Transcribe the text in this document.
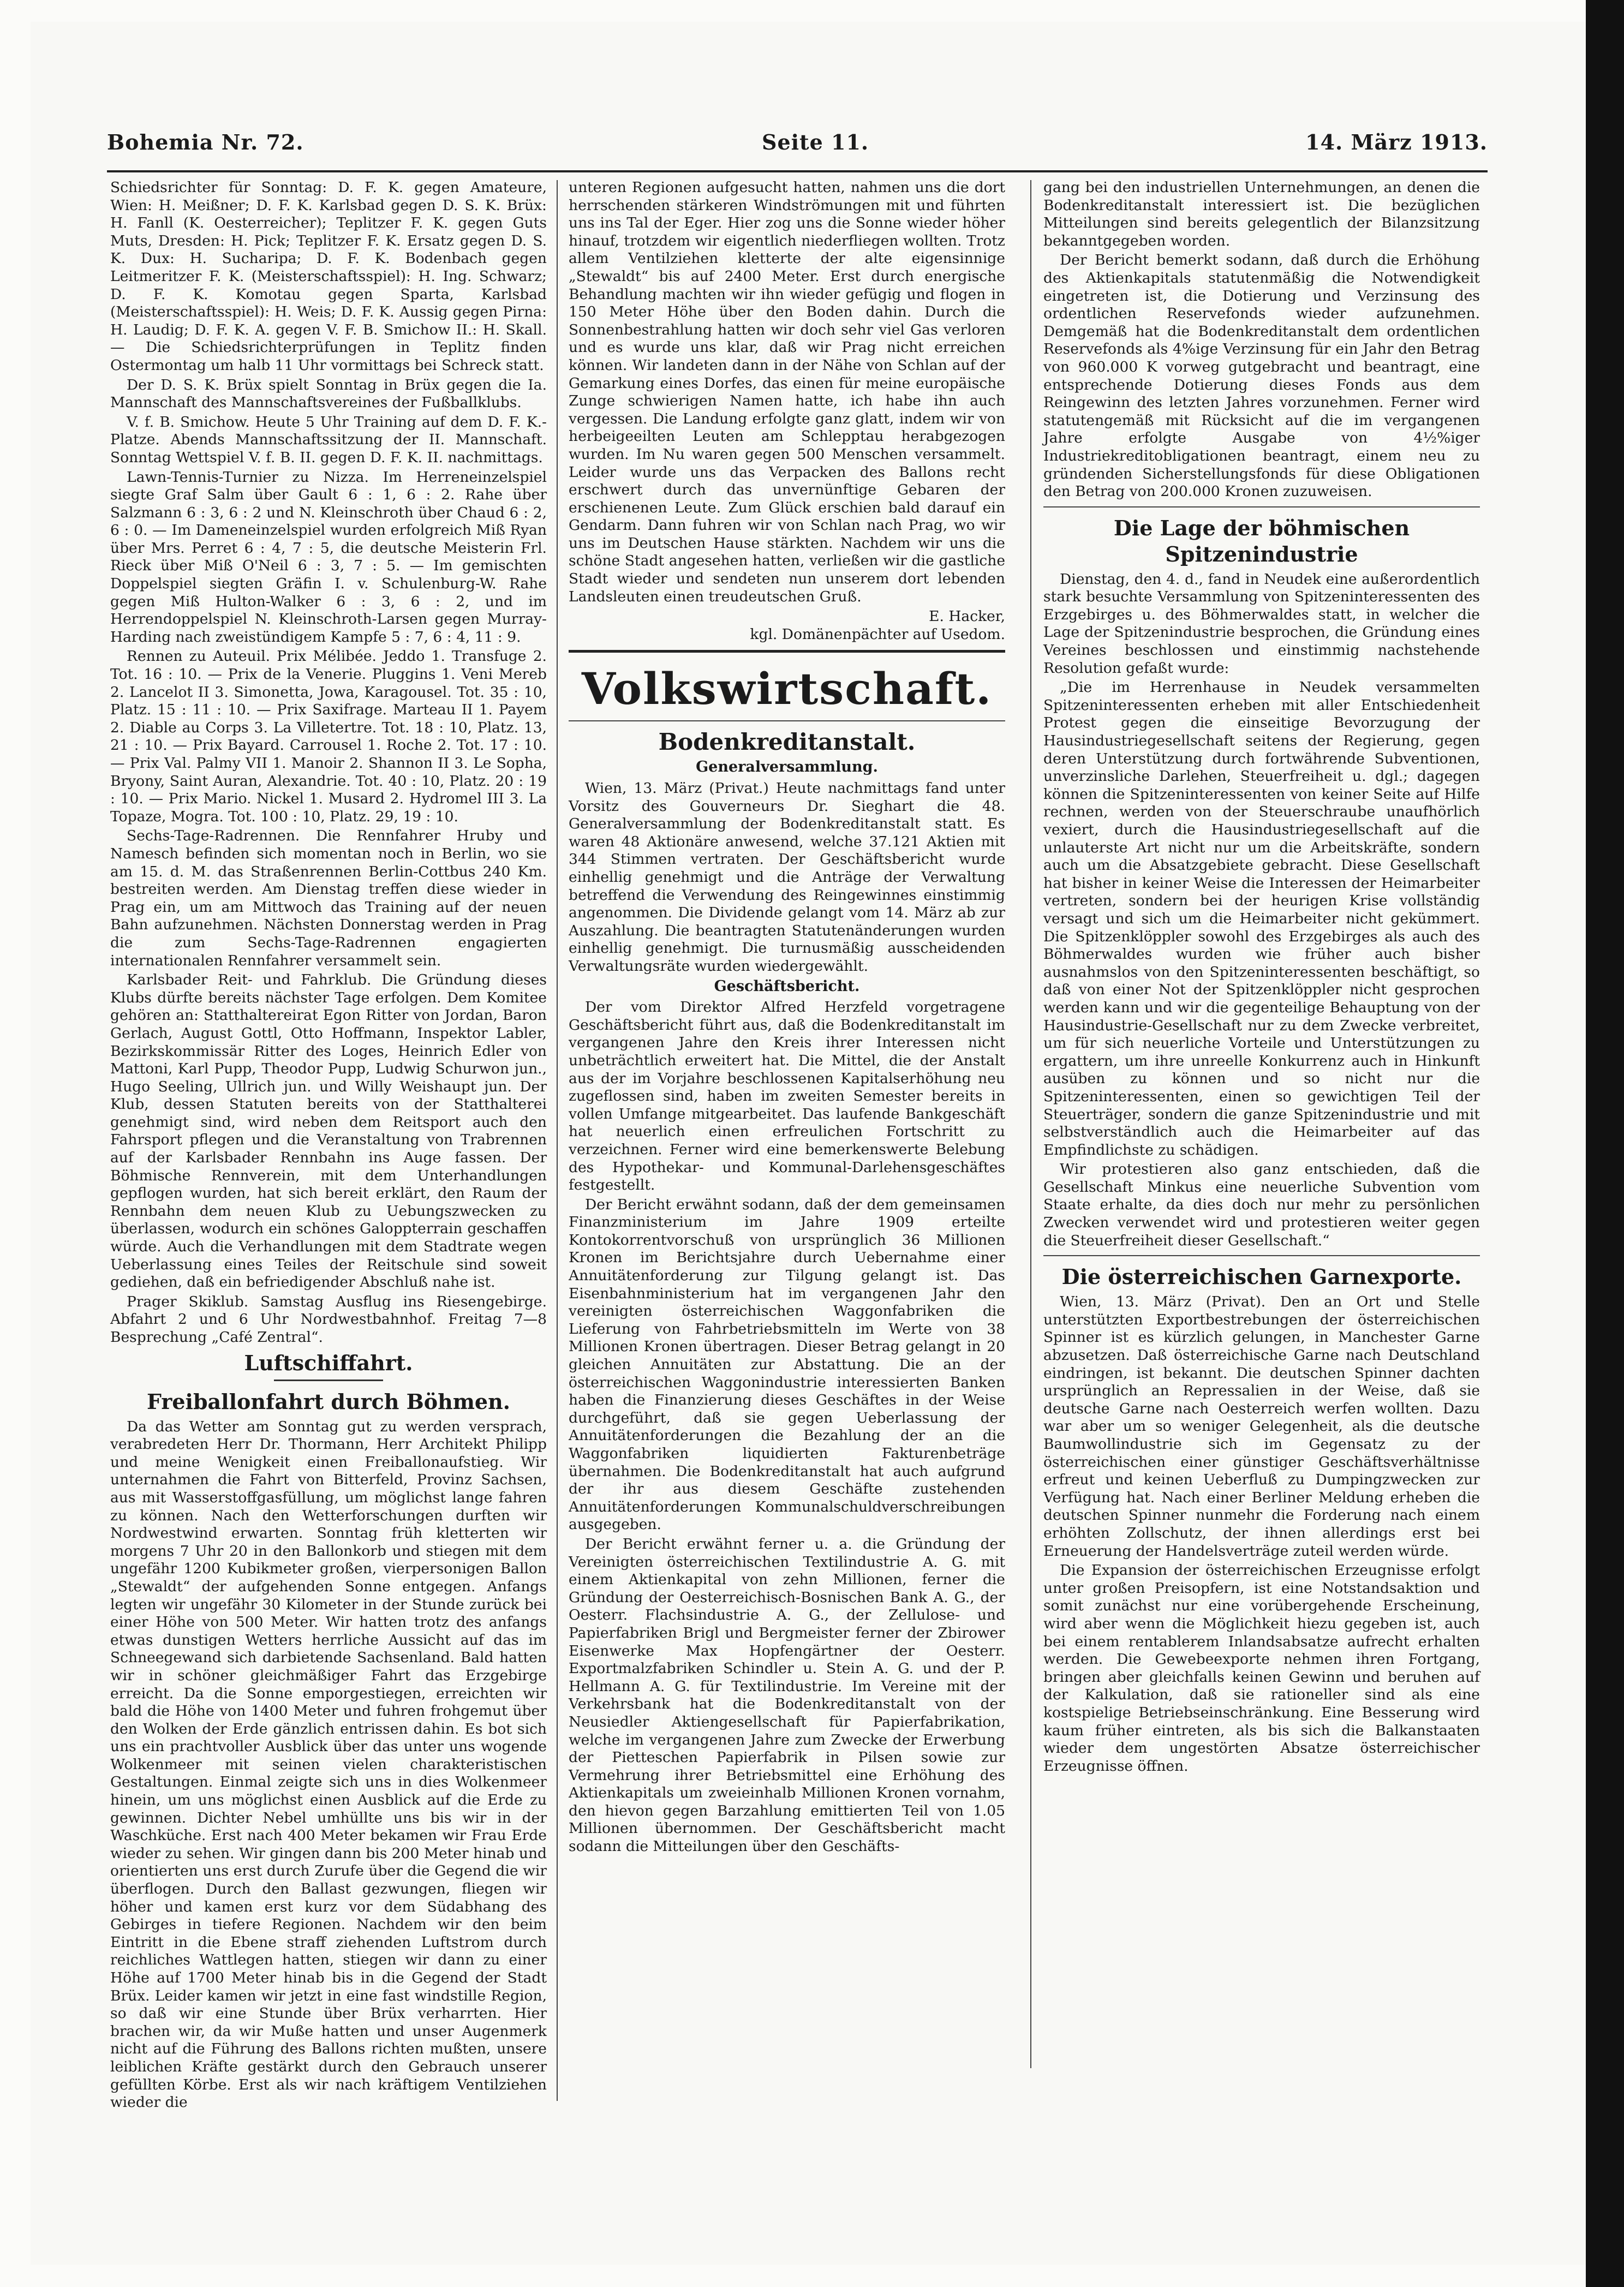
Bohemia Nr. 72.	Seite 11.	14. März 1913.

Schiedsrichter für Sonntag: D. F. K. gegen Amateure, Wien: H. Meißner; D. F. K. Karlsbad gegen D. S. K. Brüx: H. Fanll (K. Oesterreicher); Teplitzer F. K. gegen Guts Muts, Dresden: H. Pick; Teplitzer F. K. Ersatz gegen D. S. K. Dux: H. Sucharipa; D. F. K. Bodenbach gegen Leitmeritzer F. K. (Meisterschaftsspiel): H. Ing. Schwarz; D. F. K. Komotau gegen Sparta, Karlsbad (Meisterschaftsspiel): H. Weis; D. F. K. Aussig gegen Pirna: H. Laudig; D. F. K. A. gegen V. F. B. Smichow II.: H. Skall. — Die Schiedsrichterprüfungen in Teplitz finden Ostermontag um halb 11 Uhr vormittags bei Schreck statt.

Der D. S. K. Brüx spielt Sonntag in Brüx gegen die Ia. Mannschaft des Mannschaftsvereines der Fußballklubs.

V. f. B. Smichow. Heute 5 Uhr Training auf dem D. F. K.-Platze. Abends Mannschaftssitzung der II. Mannschaft. Sonntag Wettspiel V. f. B. II. gegen D. F. K. II. nachmittags.

Lawn-Tennis-Turnier zu Nizza. Im Herreneinzelspiel siegte Graf Salm über Gault 6 : 1, 6 : 2. Rahe über Salzmann 6 : 3, 6 : 2 und N. Kleinschroth über Chaud 6 : 2, 6 : 0. — Im Dameneinzelspiel wurden erfolgreich Miß Ryan über Mrs. Perret 6 : 4, 7 : 5, die deutsche Meisterin Frl. Rieck über Miß O'Neil 6 : 3, 7 : 5. — Im gemischten Doppelspiel siegten Gräfin I. v. Schulenburg-W. Rahe gegen Miß Hulton-Walker 6 : 3, 6 : 2, und im Herrendoppelspiel N. Kleinschroth-Larsen gegen Murray-Harding nach zweistündigem Kampfe 5 : 7, 6 : 4, 11 : 9.

Rennen zu Auteuil. Prix Mélibée. Jeddo 1. Transfuge 2. Tot. 16 : 10. — Prix de la Venerie. Pluggins 1. Veni Mereb 2. Lancelot II 3. Simonetta, Jowa, Karagousel. Tot. 35 : 10, Platz. 15 : 11 : 10. — Prix Saxifrage. Marteau II 1. Payem 2. Diable au Corps 3. La Villetertre. Tot. 18 : 10, Platz. 13, 21 : 10. — Prix Bayard. Carrousel 1. Roche 2. Tot. 17 : 10. — Prix Val. Palmy VII 1. Manoir 2. Shannon II 3. Le Sopha, Bryony, Saint Auran, Alexandrie. Tot. 40 : 10, Platz. 20 : 19 : 10. — Prix Mario. Nickel 1. Musard 2. Hydromel III 3. La Topaze, Mogra. Tot. 100 : 10, Platz. 29, 19 : 10.

Sechs-Tage-Radrennen. Die Rennfahrer Hruby und Namesch befinden sich momentan noch in Berlin, wo sie am 15. d. M. das Straßenrennen Berlin-Cottbus 240 Km. bestreiten werden. Am Dienstag treffen diese wieder in Prag ein, um am Mittwoch das Training auf der neuen Bahn aufzunehmen. Nächsten Donnerstag werden in Prag die zum Sechs-Tage-Radrennen engagierten internationalen Rennfahrer versammelt sein.

Karlsbader Reit- und Fahrklub. Die Gründung dieses Klubs dürfte bereits nächster Tage erfolgen. Dem Komitee gehören an: Statthaltereirat Egon Ritter von Jordan, Baron Gerlach, August Gottl, Otto Hoffmann, Inspektor Labler, Bezirkskommissär Ritter des Loges, Heinrich Edler von Mattoni, Karl Pupp, Theodor Pupp, Ludwig Schurwon jun., Hugo Seeling, Ullrich jun. und Willy Weishaupt jun. Der Klub, dessen Statuten bereits von der Statthalterei genehmigt sind, wird neben dem Reitsport auch den Fahrsport pflegen und die Veranstaltung von Trabrennen auf der Karlsbader Rennbahn ins Auge fassen. Der Böhmische Rennverein, mit dem Unterhandlungen gepflogen wurden, hat sich bereit erklärt, den Raum der Rennbahn dem neuen Klub zu Uebungszwecken zu überlassen, wodurch ein schönes Galoppterrain geschaffen würde. Auch die Verhandlungen mit dem Stadtrate wegen Ueberlassung eines Teiles der Reitschule sind soweit gediehen, daß ein befriedigender Abschluß nahe ist.

Prager Skiklub. Samstag Ausflug ins Riesengebirge. Abfahrt 2 und 6 Uhr Nordwestbahnhof. Freitag 7—8 Besprechung „Café Zentral“.

Luftschiffahrt.
Freiballonfahrt durch Böhmen.

Da das Wetter am Sonntag gut zu werden versprach, verabredeten Herr Dr. Thormann, Herr Architekt Philipp und meine Wenigkeit einen Freiballonaufstieg. Wir unternahmen die Fahrt von Bitterfeld, Provinz Sachsen, aus mit Wasserstoffgasfüllung, um möglichst lange fahren zu können. Nach den Wetterforschungen durften wir Nordwestwind erwarten. Sonntag früh kletterten wir morgens 7 Uhr 20 in den Ballonkorb und stiegen mit dem ungefähr 1200 Kubikmeter großen, vierpersonigen Ballon „Stewaldt“ der aufgehenden Sonne entgegen. Anfangs legten wir ungefähr 30 Kilometer in der Stunde zurück bei einer Höhe von 500 Meter. Wir hatten trotz des anfangs etwas dunstigen Wetters herrliche Aussicht auf das im Schneegewand sich darbietende Sachsenland. Bald hatten wir in schöner gleichmäßiger Fahrt das Erzgebirge erreicht. Da die Sonne emporgestiegen, erreichten wir bald die Höhe von 1400 Meter und fuhren frohgemut über den Wolken der Erde gänzlich entrissen dahin. Es bot sich uns ein prachtvoller Ausblick über das unter uns wogende Wolkenmeer mit seinen vielen charakteristischen Gestaltungen. Einmal zeigte sich uns in dies Wolkenmeer hinein, um uns möglichst einen Ausblick auf die Erde zu gewinnen. Dichter Nebel umhüllte uns bis wir in der Waschküche. Erst nach 400 Meter bekamen wir Frau Erde wieder zu sehen. Wir gingen dann bis 200 Meter hinab und orientierten uns erst durch Zurufe über die Gegend die wir überflogen. Durch den Ballast gezwungen, fliegen wir höher und kamen erst kurz vor dem Südabhang des Gebirges in tiefere Regionen. Nachdem wir den beim Eintritt in die Ebene straff ziehenden Luftstrom durch reichliches Wattlegen hatten, stiegen wir dann zu einer Höhe auf 1700 Meter hinab bis in die Gegend der Stadt Brüx. Leider kamen wir jetzt in eine fast windstille Region, so daß wir eine Stunde über Brüx verharrten. Hier brachen wir, da wir Muße hatten und unser Augenmerk nicht auf die Führung des Ballons richten mußten, unsere leiblichen Kräfte gestärkt durch den Gebrauch unserer gefüllten Körbe. Erst als wir nach kräftigem Ventilziehen wieder die

unteren Regionen aufgesucht hatten, nahmen uns die dort herrschenden stärkeren Windströmungen mit und führten uns ins Tal der Eger. Hier zog uns die Sonne wieder höher hinauf, trotzdem wir eigentlich niederfliegen wollten. Trotz allem Ventilziehen kletterte der alte eigensinnige „Stewaldt“ bis auf 2400 Meter. Erst durch energische Behandlung machten wir ihn wieder gefügig und flogen in 150 Meter Höhe über den Boden dahin. Durch die Sonnenbestrahlung hatten wir doch sehr viel Gas verloren und es wurde uns klar, daß wir Prag nicht erreichen können. Wir landeten dann in der Nähe von Schlan auf der Gemarkung eines Dorfes, das einen für meine europäische Zunge schwierigen Namen hatte, ich habe ihn auch vergessen. Die Landung erfolgte ganz glatt, indem wir von herbeigeeilten Leuten am Schlepptau herabgezogen wurden. Im Nu waren gegen 500 Menschen versammelt. Leider wurde uns das Verpacken des Ballons recht erschwert durch das unvernünftige Gebaren der erschienenen Leute. Zum Glück erschien bald darauf ein Gendarm. Dann fuhren wir von Schlan nach Prag, wo wir uns im Deutschen Hause stärkten. Nachdem wir uns die schöne Stadt angesehen hatten, verließen wir die gastliche Stadt wieder und sendeten nun unserem dort lebenden Landsleuten einen treudeutschen Gruß.

E. Hacker,
kgl. Domänenpächter auf Usedom.
Volkswirtschaft.
Bodenkreditanstalt.
Generalversammlung.

Wien, 13. März (Privat.) Heute nachmittags fand unter Vorsitz des Gouverneurs Dr. Sieghart die 48. Generalversammlung der Bodenkreditanstalt statt. Es waren 48 Aktionäre anwesend, welche 37.121 Aktien mit 344 Stimmen vertraten. Der Geschäftsbericht wurde einhellig genehmigt und die Anträge der Verwaltung betreffend die Verwendung des Reingewinnes einstimmig angenommen. Die Dividende gelangt vom 14. März ab zur Auszahlung. Die beantragten Statutenänderungen wurden einhellig genehmigt. Die turnusmäßig ausscheidenden Verwaltungsräte wurden wiedergewählt.

Geschäftsbericht.

Der vom Direktor Alfred Herzfeld vorgetragene Geschäftsbericht führt aus, daß die Bodenkreditanstalt im vergangenen Jahre den Kreis ihrer Interessen nicht unbeträchtlich erweitert hat. Die Mittel, die der Anstalt aus der im Vorjahre beschlossenen Kapitalserhöhung neu zugeflossen sind, haben im zweiten Semester bereits in vollen Umfange mitgearbeitet. Das laufende Bankgeschäft hat neuerlich einen erfreulichen Fortschritt zu verzeichnen. Ferner wird eine bemerkenswerte Belebung des Hypothekar- und Kommunal-Darlehensgeschäftes festgestellt.

Der Bericht erwähnt sodann, daß der dem gemeinsamen Finanzministerium im Jahre 1909 erteilte Kontokorrentvorschuß von ursprünglich 36 Millionen Kronen im Berichtsjahre durch Uebernahme einer Annuitätenforderung zur Tilgung gelangt ist. Das Eisenbahnministerium hat im vergangenen Jahr den vereinigten österreichischen Waggonfabriken die Lieferung von Fahrbetriebsmitteln im Werte von 38 Millionen Kronen übertragen. Dieser Betrag gelangt in 20 gleichen Annuitäten zur Abstattung. Die an der österreichischen Waggonindustrie interessierten Banken haben die Finanzierung dieses Geschäftes in der Weise durchgeführt, daß sie gegen Ueberlassung der Annuitätenforderungen die Bezahlung der an die Waggonfabriken liquidierten Fakturenbeträge übernahmen. Die Bodenkreditanstalt hat auch aufgrund der ihr aus diesem Geschäfte zustehenden Annuitätenforderungen Kommunalschuldverschreibungen ausgegeben.

Der Bericht erwähnt ferner u. a. die Gründung der Vereinigten österreichischen Textilindustrie A. G. mit einem Aktienkapital von zehn Millionen, ferner die Gründung der Oesterreichisch-Bosnischen Bank A. G., der Oesterr. Flachsindustrie A. G., der Zellulose- und Papierfabriken Brigl und Bergmeister ferner der Zbirower Eisenwerke Max Hopfengärtner der Oesterr. Exportmalzfabriken Schindler u. Stein A. G. und der P. Hellmann A. G. für Textilindustrie. Im Vereine mit der Verkehrsbank hat die Bodenkreditanstalt von der Neusiedler Aktiengesellschaft für Papierfabrikation, welche im vergangenen Jahre zum Zwecke der Erwerbung der Pietteschen Papierfabrik in Pilsen sowie zur Vermehrung ihrer Betriebsmittel eine Erhöhung des Aktienkapitals um zweieinhalb Millionen Kronen vornahm, den hievon gegen Barzahlung emittierten Teil von 1.05 Millionen übernommen. Der Geschäftsbericht macht sodann die Mitteilungen über den Geschäfts-

gang bei den industriellen Unternehmungen, an denen die Bodenkreditanstalt interessiert ist. Die bezüglichen Mitteilungen sind bereits gelegentlich der Bilanzsitzung bekanntgegeben worden.

Der Bericht bemerkt sodann, daß durch die Erhöhung des Aktienkapitals statutenmäßig die Notwendigkeit eingetreten ist, die Dotierung und Verzinsung des ordentlichen Reservefonds wieder aufzunehmen. Demgemäß hat die Bodenkreditanstalt dem ordentlichen Reservefonds als 4%ige Verzinsung für ein Jahr den Betrag von 960.000 K vorweg gutgebracht und beantragt, eine entsprechende Dotierung dieses Fonds aus dem Reingewinn des letzten Jahres vorzunehmen. Ferner wird statutengemäß mit Rücksicht auf die im vergangenen Jahre erfolgte Ausgabe von 4½%iger Industriekreditobligationen beantragt, einem neu zu gründenden Sicherstellungsfonds für diese Obligationen den Betrag von 200.000 Kronen zuzuweisen.

Die Lage der böhmischen Spitzenindustrie

Dienstag, den 4. d., fand in Neudek eine außerordentlich stark besuchte Versammlung von Spitzeninteressenten des Erzgebirges u. des Böhmerwaldes statt, in welcher die Lage der Spitzenindustrie besprochen, die Gründung eines Vereines beschlossen und einstimmig nachstehende Resolution gefaßt wurde:

„Die im Herrenhause in Neudek versammelten Spitzeninteressenten erheben mit aller Entschiedenheit Protest gegen die einseitige Bevorzugung der Hausindustriegesellschaft seitens der Regierung, gegen deren Unterstützung durch fortwährende Subventionen, unverzinsliche Darlehen, Steuerfreiheit u. dgl.; dagegen können die Spitzeninteressenten von keiner Seite auf Hilfe rechnen, werden von der Steuerschraube unaufhörlich vexiert, durch die Hausindustriegesellschaft auf die unlauterste Art nicht nur um die Arbeitskräfte, sondern auch um die Absatzgebiete gebracht. Diese Gesellschaft hat bisher in keiner Weise die Interessen der Heimarbeiter vertreten, sondern bei der heurigen Krise vollständig versagt und sich um die Heimarbeiter nicht gekümmert. Die Spitzenklöppler sowohl des Erzgebirges als auch des Böhmerwaldes wurden wie früher auch bisher ausnahmslos von den Spitzeninteressenten beschäftigt, so daß von einer Not der Spitzenklöppler nicht gesprochen werden kann und wir die gegenteilige Behauptung von der Hausindustrie-Gesellschaft nur zu dem Zwecke verbreitet, um für sich neuerliche Vorteile und Unterstützungen zu ergattern, um ihre unreelle Konkurrenz auch in Hinkunft ausüben zu können und so nicht nur die Spitzeninteressenten, einen so gewichtigen Teil der Steuerträger, sondern die ganze Spitzenindustrie und mit selbstverständlich auch die Heimarbeiter auf das Empfindlichste zu schädigen.

Wir protestieren also ganz entschieden, daß die Gesellschaft Minkus eine neuerliche Subvention vom Staate erhalte, da dies doch nur mehr zu persönlichen Zwecken verwendet wird und protestieren weiter gegen die Steuerfreiheit dieser Gesellschaft.“

Die österreichischen Garnexporte.

Wien, 13. März (Privat). Den an Ort und Stelle unterstützten Exportbestrebungen der österreichischen Spinner ist es kürzlich gelungen, in Manchester Garne abzusetzen. Daß österreichische Garne nach Deutschland eindringen, ist bekannt. Die deutschen Spinner dachten ursprünglich an Repressalien in der Weise, daß sie deutsche Garne nach Oesterreich werfen wollten. Dazu war aber um so weniger Gelegenheit, als die deutsche Baumwollindustrie sich im Gegensatz zu der österreichischen einer günstiger Geschäftsverhältnisse erfreut und keinen Ueberfluß zu Dumpingzwecken zur Verfügung hat. Nach einer Berliner Meldung erheben die deutschen Spinner nunmehr die Forderung nach einem erhöhten Zollschutz, der ihnen allerdings erst bei Erneuerung der Handelsverträge zuteil werden würde.

Die Expansion der österreichischen Erzeugnisse erfolgt unter großen Preisopfern, ist eine Notstandsaktion und somit zunächst nur eine vorübergehende Erscheinung, wird aber wenn die Möglichkeit hiezu gegeben ist, auch bei einem rentablerem Inlandsabsatze aufrecht erhalten werden. Die Gewebeexporte nehmen ihren Fortgang, bringen aber gleichfalls keinen Gewinn und beruhen auf der Kalkulation, daß sie rationeller sind als eine kostspielige Betriebseinschränkung. Eine Besserung wird kaum früher eintreten, als bis sich die Balkanstaaten wieder dem ungestörten Absatze österreichischer Erzeugnisse öffnen.
